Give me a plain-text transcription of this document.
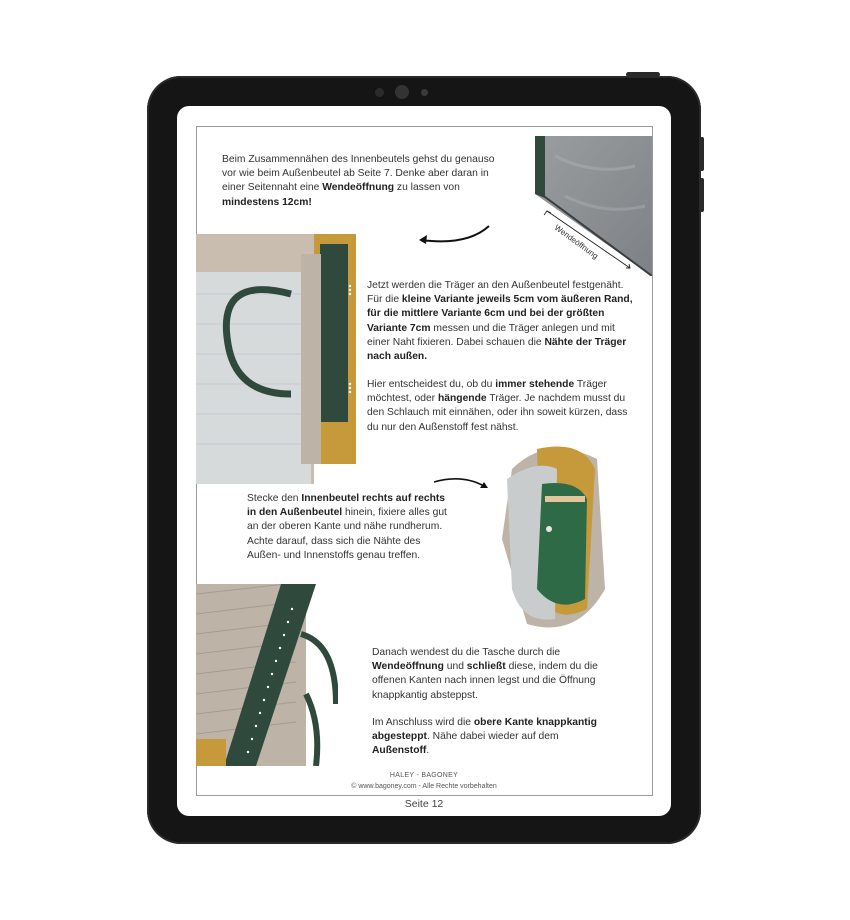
Beim Zusammennähen des Innenbeutels gehst du genauso vor wie beim Außenbeutel ab Seite 7. Denke aber daran in einer Seitennaht eine Wendeöffnung zu lassen von mindestens 12cm!
Wendeöffnung
Jetzt werden die Träger an den Außenbeutel festgenäht. Für die kleine Variante jeweils 5cm vom äußeren Rand, für die mittlere Variante 6cm und bei der größten Variante 7cm messen und die Träger anlegen und mit einer Naht fixieren. Dabei schauen die Nähte der Träger nach außen.
Hier entscheidest du, ob du immer stehende Träger möchtest, oder hängende Träger. Je nachdem musst du den Schlauch mit einnähen, oder ihn soweit kürzen, dass du nur den Außenstoff fest nähst.
Stecke den Innenbeutel rechts auf rechts in den Außenbeutel hinein, fixiere alles gut an der oberen Kante und nähe rundherum. Achte darauf, dass sich die Nähte des Außen- und Innenstoffs genau treffen.
Danach wendest du die Tasche durch die Wendeöffnung und schließt diese, indem du die offenen Kanten nach innen legst und die Öffnung knappkantig absteppst.
Im Anschluss wird die obere Kante knappkantig abgesteppt. Nähe dabei wieder auf dem Außenstoff.
HALEY - BAGONEY
© www.bagoney.com - Alle Rechte vorbehalten
Seite 12
